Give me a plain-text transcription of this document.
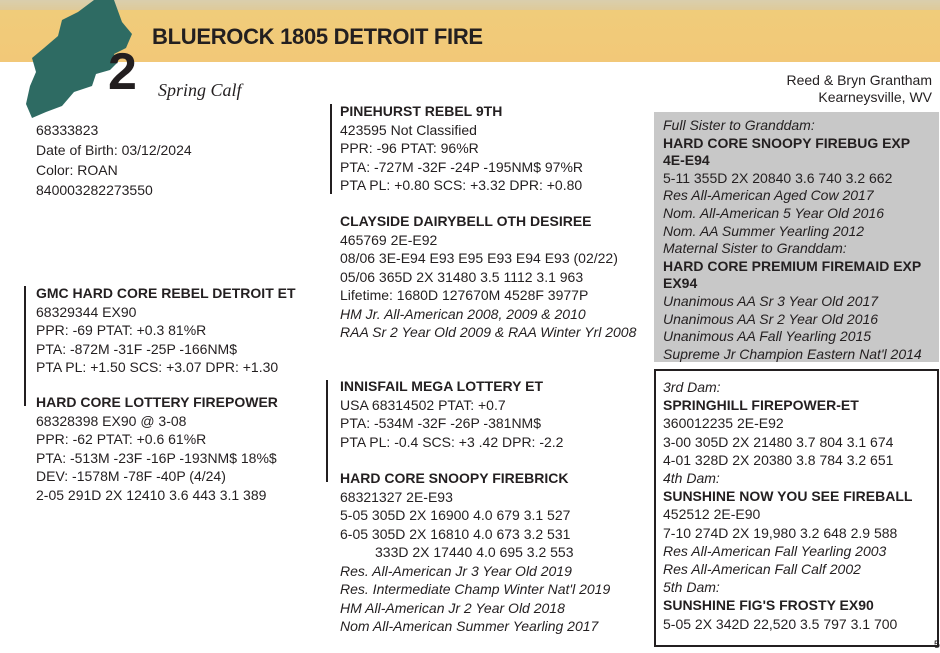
BLUEROCK 1805 DETROIT FIRE
2 Spring Calf	Reed & Bryn Grantham
Kearneysville, WV
68333823
Date of Birth: 03/12/2024
Color: ROAN
840003282273550
GMC HARD CORE REBEL DETROIT ET
68329344 EX90
PPR: -69 PTAT: +0.3 81%R
PTA: -872M -31F -25P -166NM$
PTA PL: +1.50 SCS: +3.07 DPR: +1.30
HARD CORE LOTTERY FIREPOWER
68328398 EX90 @ 3-08
PPR: -62 PTAT: +0.6 61%R
PTA: -513M -23F -16P -193NM$ 18%$
DEV: -1578M -78F -40P (4/24)
2-05 291D 2X 12410 3.6 443 3.1 389
PINEHURST REBEL 9TH
423595 Not Classified
PPR: -96 PTAT: 96%R
PTA: -727M -32F -24P -195NM$ 97%R
PTA PL: +0.80 SCS: +3.32 DPR: +0.80
CLAYSIDE DAIRYBELL OTH DESIREE
465769 2E-E92
08/06 3E-E94 E93 E95 E93 E94 E93 (02/22)
05/06 365D 2X 31480 3.5 1112 3.1 963
Lifetime: 1680D 127670M 4528F 3977P
HM Jr. All-American 2008, 2009 & 2010
RAA Sr 2 Year Old 2009 & RAA Winter Yrl 2008
INNISFAIL MEGA LOTTERY ET
USA 68314502 PTAT: +0.7
PTA: -534M -32F -26P -381NM$
PTA PL: -0.4 SCS: +3 .42 DPR: -2.2
HARD CORE SNOOPY FIREBRICK
68321327 2E-E93
5-05 305D 2X 16900 4.0 679 3.1 527
6-05 305D 2X 16810 4.0 673 3.2 531
333D 2X 17440 4.0 695 3.2 553
Res. All-American Jr 3 Year Old 2019
Res. Intermediate Champ Winter Nat'l 2019
HM All-American Jr 2 Year Old 2018
Nom All-American Summer Yearling 2017
Full Sister to Granddam:
HARD CORE SNOOPY FIREBUG EXP
4E-E94
5-11 355D 2X 20840 3.6 740 3.2 662
Res All-American Aged Cow 2017
Nom. All-American 5 Year Old 2016
Nom. AA Summer Yearling 2012
Maternal Sister to Granddam:
HARD CORE PREMIUM FIREMAID EXP
EX94
Unanimous AA Sr 3 Year Old 2017
Unanimous AA Sr 2 Year Old 2016
Unanimous AA Fall Yearling 2015
Supreme Jr Champion Eastern Nat'l 2014
3rd Dam:
SPRINGHILL FIREPOWER-ET
360012235 2E-E92
3-00 305D 2X 21480 3.7 804 3.1 674
4-01 328D 2X 20380 3.8 784 3.2 651
4th Dam:
SUNSHINE NOW YOU SEE FIREBALL
452512 2E-E90
7-10 274D 2X 19,980 3.2 648 2.9 588
Res All-American Fall Yearling 2003
Res All-American Fall Calf 2002
5th Dam:
SUNSHINE FIG'S FROSTY EX90
5-05 2X 342D 22,520 3.5 797 3.1 700
5
